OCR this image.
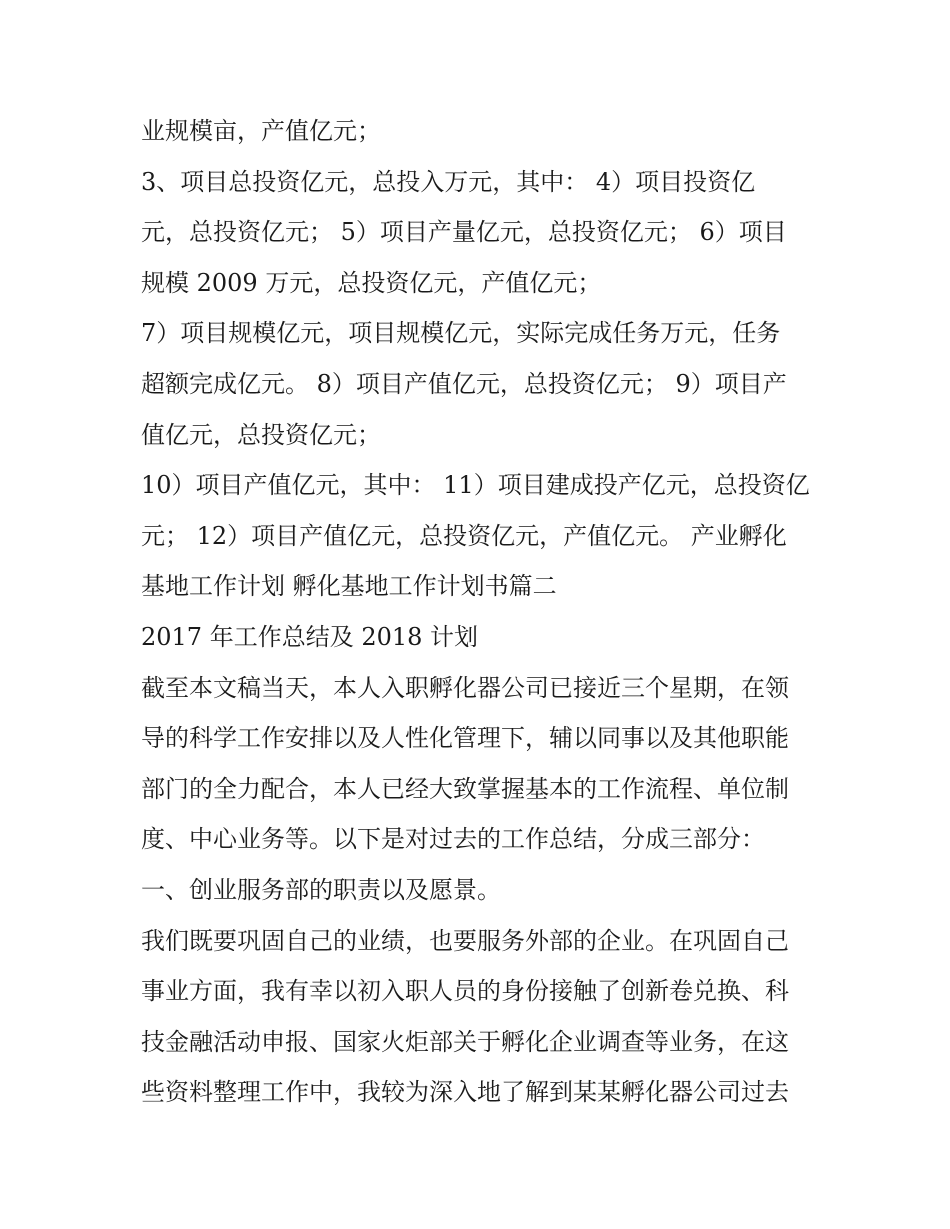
业规模亩，产值亿元；
3、项目总投资亿元，总投入万元，其中： 4）项目投资亿
元，总投资亿元； 5）项目产量亿元，总投资亿元； 6）项目
规模 2009 万元，总投资亿元，产值亿元；
7）项目规模亿元，项目规模亿元，实际完成任务万元，任务
超额完成亿元。 8）项目产值亿元，总投资亿元； 9）项目产
值亿元，总投资亿元；
10）项目产值亿元，其中： 11）项目建成投产亿元，总投资亿
元； 12）项目产值亿元，总投资亿元，产值亿元。 产业孵化
基地工作计划 孵化基地工作计划书篇二
2017 年工作总结及 2018 计划
截至本文稿当天，本人入职孵化器公司已接近三个星期，在领
导的科学工作安排以及人性化管理下，辅以同事以及其他职能
部门的全力配合，本人已经大致掌握基本的工作流程、单位制
度、中心业务等。以下是对过去的工作总结，分成三部分：
一、创业服务部的职责以及愿景。
我们既要巩固自己的业绩，也要服务外部的企业。在巩固自己
事业方面，我有幸以初入职人员的身份接触了创新卷兑换、科
技金融活动申报、国家火炬部关于孵化企业调查等业务，在这
些资料整理工作中，我较为深入地了解到某某孵化器公司过去
